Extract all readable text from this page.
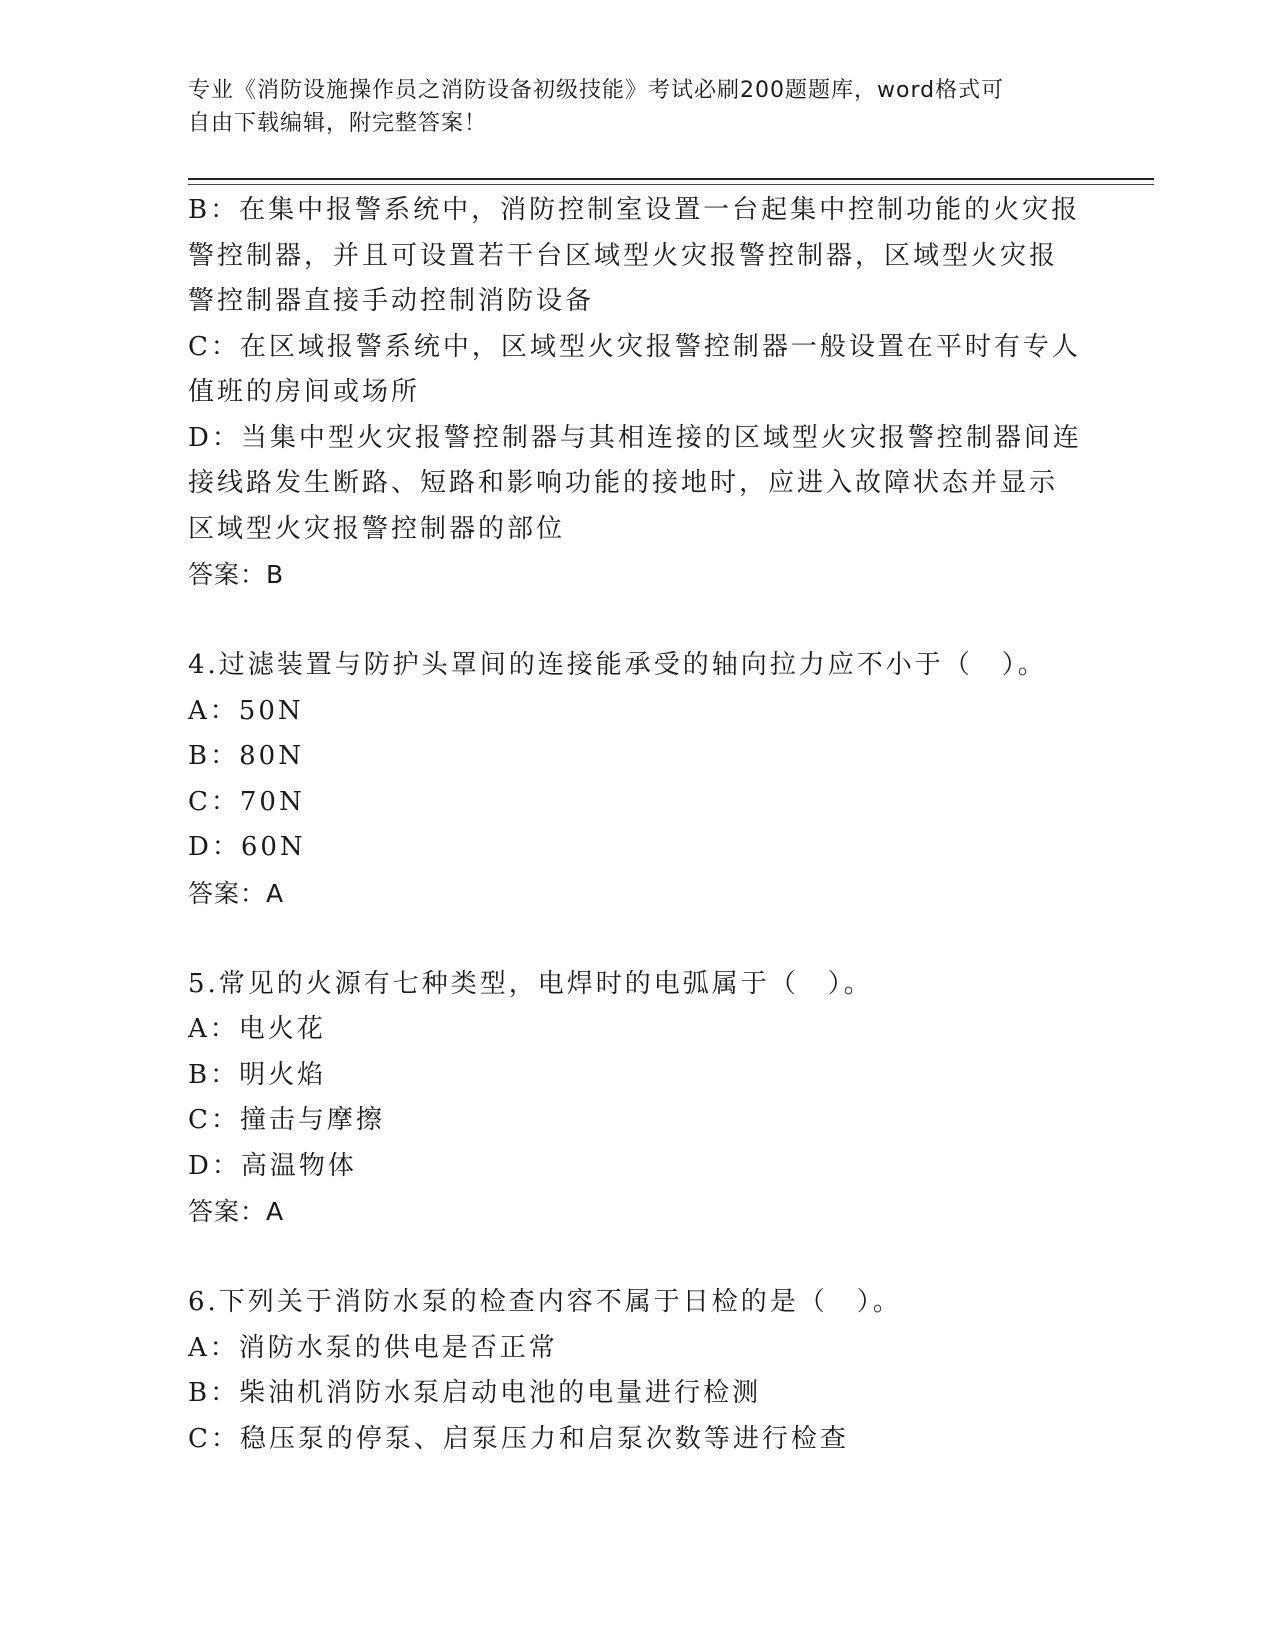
专业《消防设施操作员之消防设备初级技能》考试必刷200题题库，word格式可
自由下载编辑，附完整答案！
B：在集中报警系统中，消防控制室设置一台起集中控制功能的火灾报
警控制器，并且可设置若干台区域型火灾报警控制器，区域型火灾报
警控制器直接手动控制消防设备
C：在区域报警系统中，区域型火灾报警控制器一般设置在平时有专人
值班的房间或场所
D：当集中型火灾报警控制器与其相连接的区域型火灾报警控制器间连
接线路发生断路、短路和影响功能的接地时，应进入故障状态并显示
区域型火灾报警控制器的部位
答案：B
4.过滤装置与防护头罩间的连接能承受的轴向拉力应不小于（　）。
A：50N
B：80N
C：70N
D：60N
答案：A
5.常见的火源有七种类型，电焊时的电弧属于（　）。
A：电火花
B：明火焰
C：撞击与摩擦
D：高温物体
答案：A
6.下列关于消防水泵的检查内容不属于日检的是（　）。
A：消防水泵的供电是否正常
B：柴油机消防水泵启动电池的电量进行检测
C：稳压泵的停泵、启泵压力和启泵次数等进行检查
